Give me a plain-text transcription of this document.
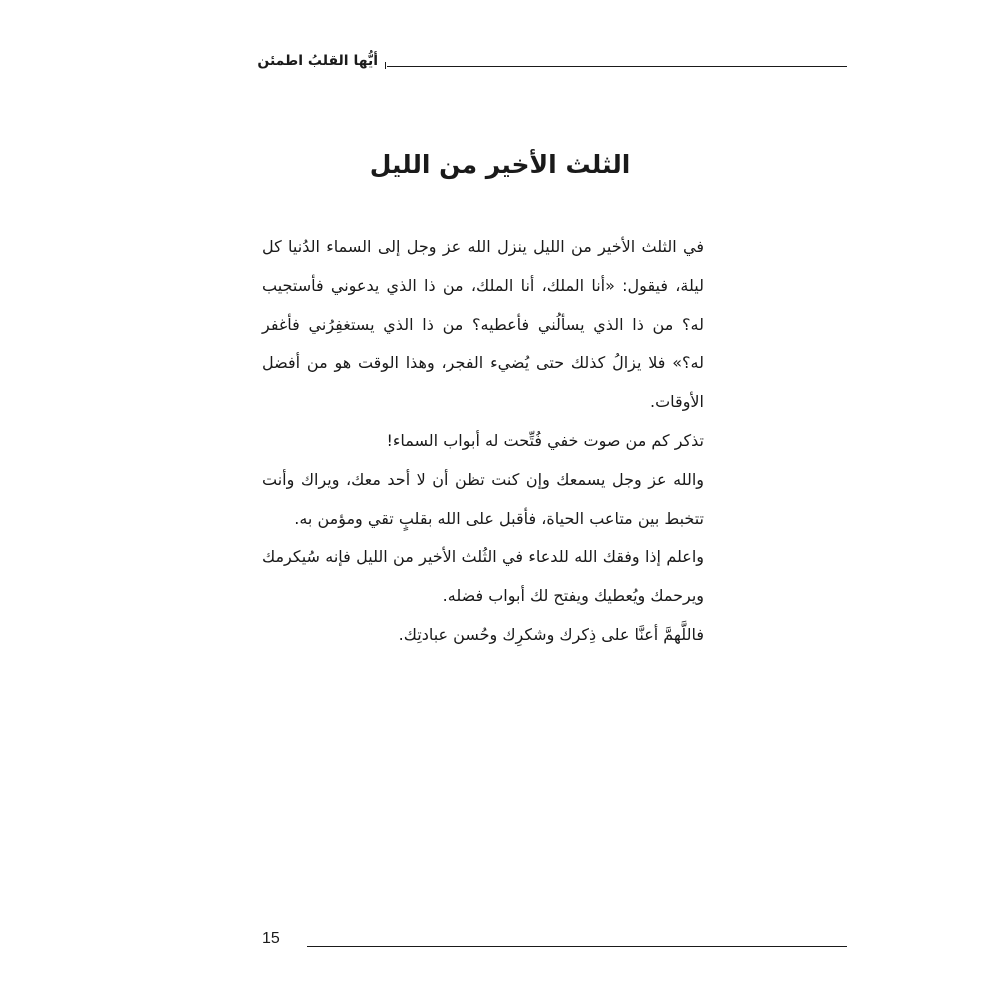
أيُّها القلبُ اطمئن
الثلث الأخير من الليل

في الثلث الأخير من الليل ينزل الله عز وجل إلى السماء الدُنيا كل ليلة، فيقول: «أنا الملك، أنا الملك، من ذا الذي يدعوني فأستجيب له؟ من ذا الذي يسألُني فأعطيه؟ من ذا الذي يستغفِرُني فأغفر له؟» فلا يزالُ كذلك حتى يُضيء الفجر، وهذا الوقت هو من أفضل الأوقات.

تذكر كم من صوت خفي فُتِّحت له أبواب السماء!

والله عز وجل يسمعك وإن كنت تظن أن لا أحد معك، ويراك وأنت تتخبط بين متاعب الحياة، فأقبل على الله بقلبٍ تقي ومؤمن به.

واعلم إذا وفقك الله للدعاء في الثُلث الأخير من الليل فإنه سُيكرمك ويرحمك ويُعطيك ويفتح لك أبواب فضله.

فاللَّهمَّ أعنَّا على ذِكرك وشكرِك وحُسن عبادتِك.

15
